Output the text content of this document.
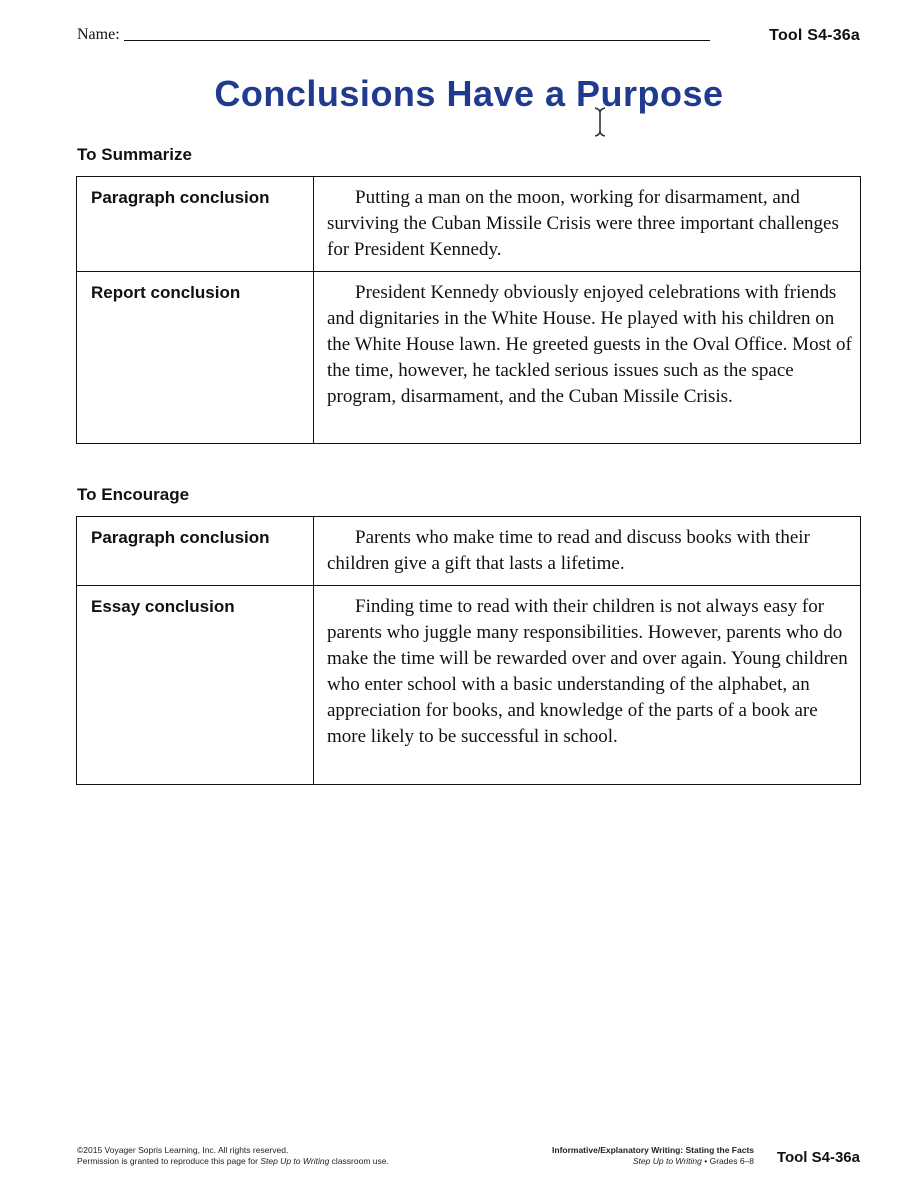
Name:	Tool S4-36a
Conclusions Have a Purpose
To Summarize
Paragraph conclusion	Putting a man on the moon, working for disarmament, and surviving the Cuban Missile Crisis were three important challenges for President Kennedy.
Report conclusion	President Kennedy obviously enjoyed celebrations with friends and dignitaries in the White House. He played with his children on the White House lawn. He greeted guests in the Oval Office. Most of the time, however, he tackled serious issues such as the space program, disarmament, and the Cuban Missile Crisis.
To Encourage
Paragraph conclusion	Parents who make time to read and discuss books with their children give a gift that lasts a lifetime.
Essay conclusion	Finding time to read with their children is not always easy for parents who juggle many responsibilities. However, parents who do make the time will be rewarded over and over again. Young children who enter school with a basic understanding of the alphabet, an appreciation for books, and knowledge of the parts of a book are more likely to be successful in school.
©2015 Voyager Sopris Learning, Inc. All rights reserved.
Permission is granted to reproduce this page for Step Up to Writing classroom use.
Informative/Explanatory Writing: Stating the Facts
Step Up to Writing • Grades 6–8 Tool S4-36a
